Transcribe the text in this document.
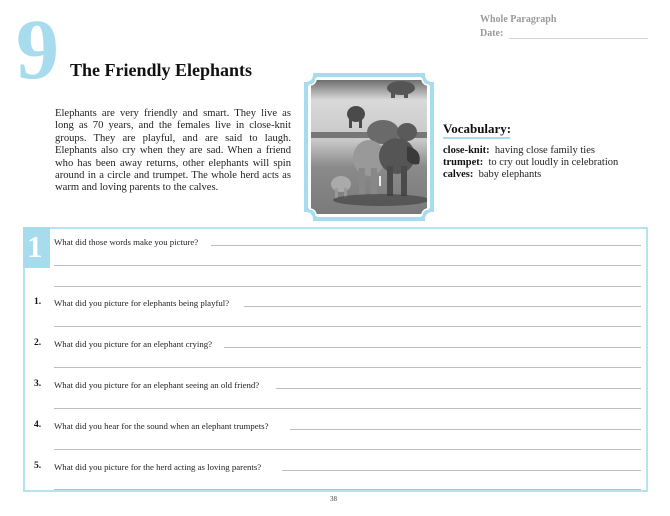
9 The Friendly Elephants
Whole Paragraph
Date:
Elephants are very friendly and smart. They live as long as 70 years, and the females live in close-knit groups. They are playful, and are said to laugh. Elephants also cry when they are sad. When a friend who has been away returns, other elephants will spin around in a circle and trumpet. The whole herd acts as warm and loving parents to the calves.
Vocabulary:
close-knit: having close family ties
trumpet: to cry out loudly in celebration
calves: baby elephants
1 What did those words make you picture?
1. What did you picture for elephants being playful?
2. What did you picture for an elephant crying?
3. What did you picture for an elephant seeing an old friend?
4. What did you hear for the sound when an elephant trumpets?
5. What did you picture for the herd acting as loving parents?
38
